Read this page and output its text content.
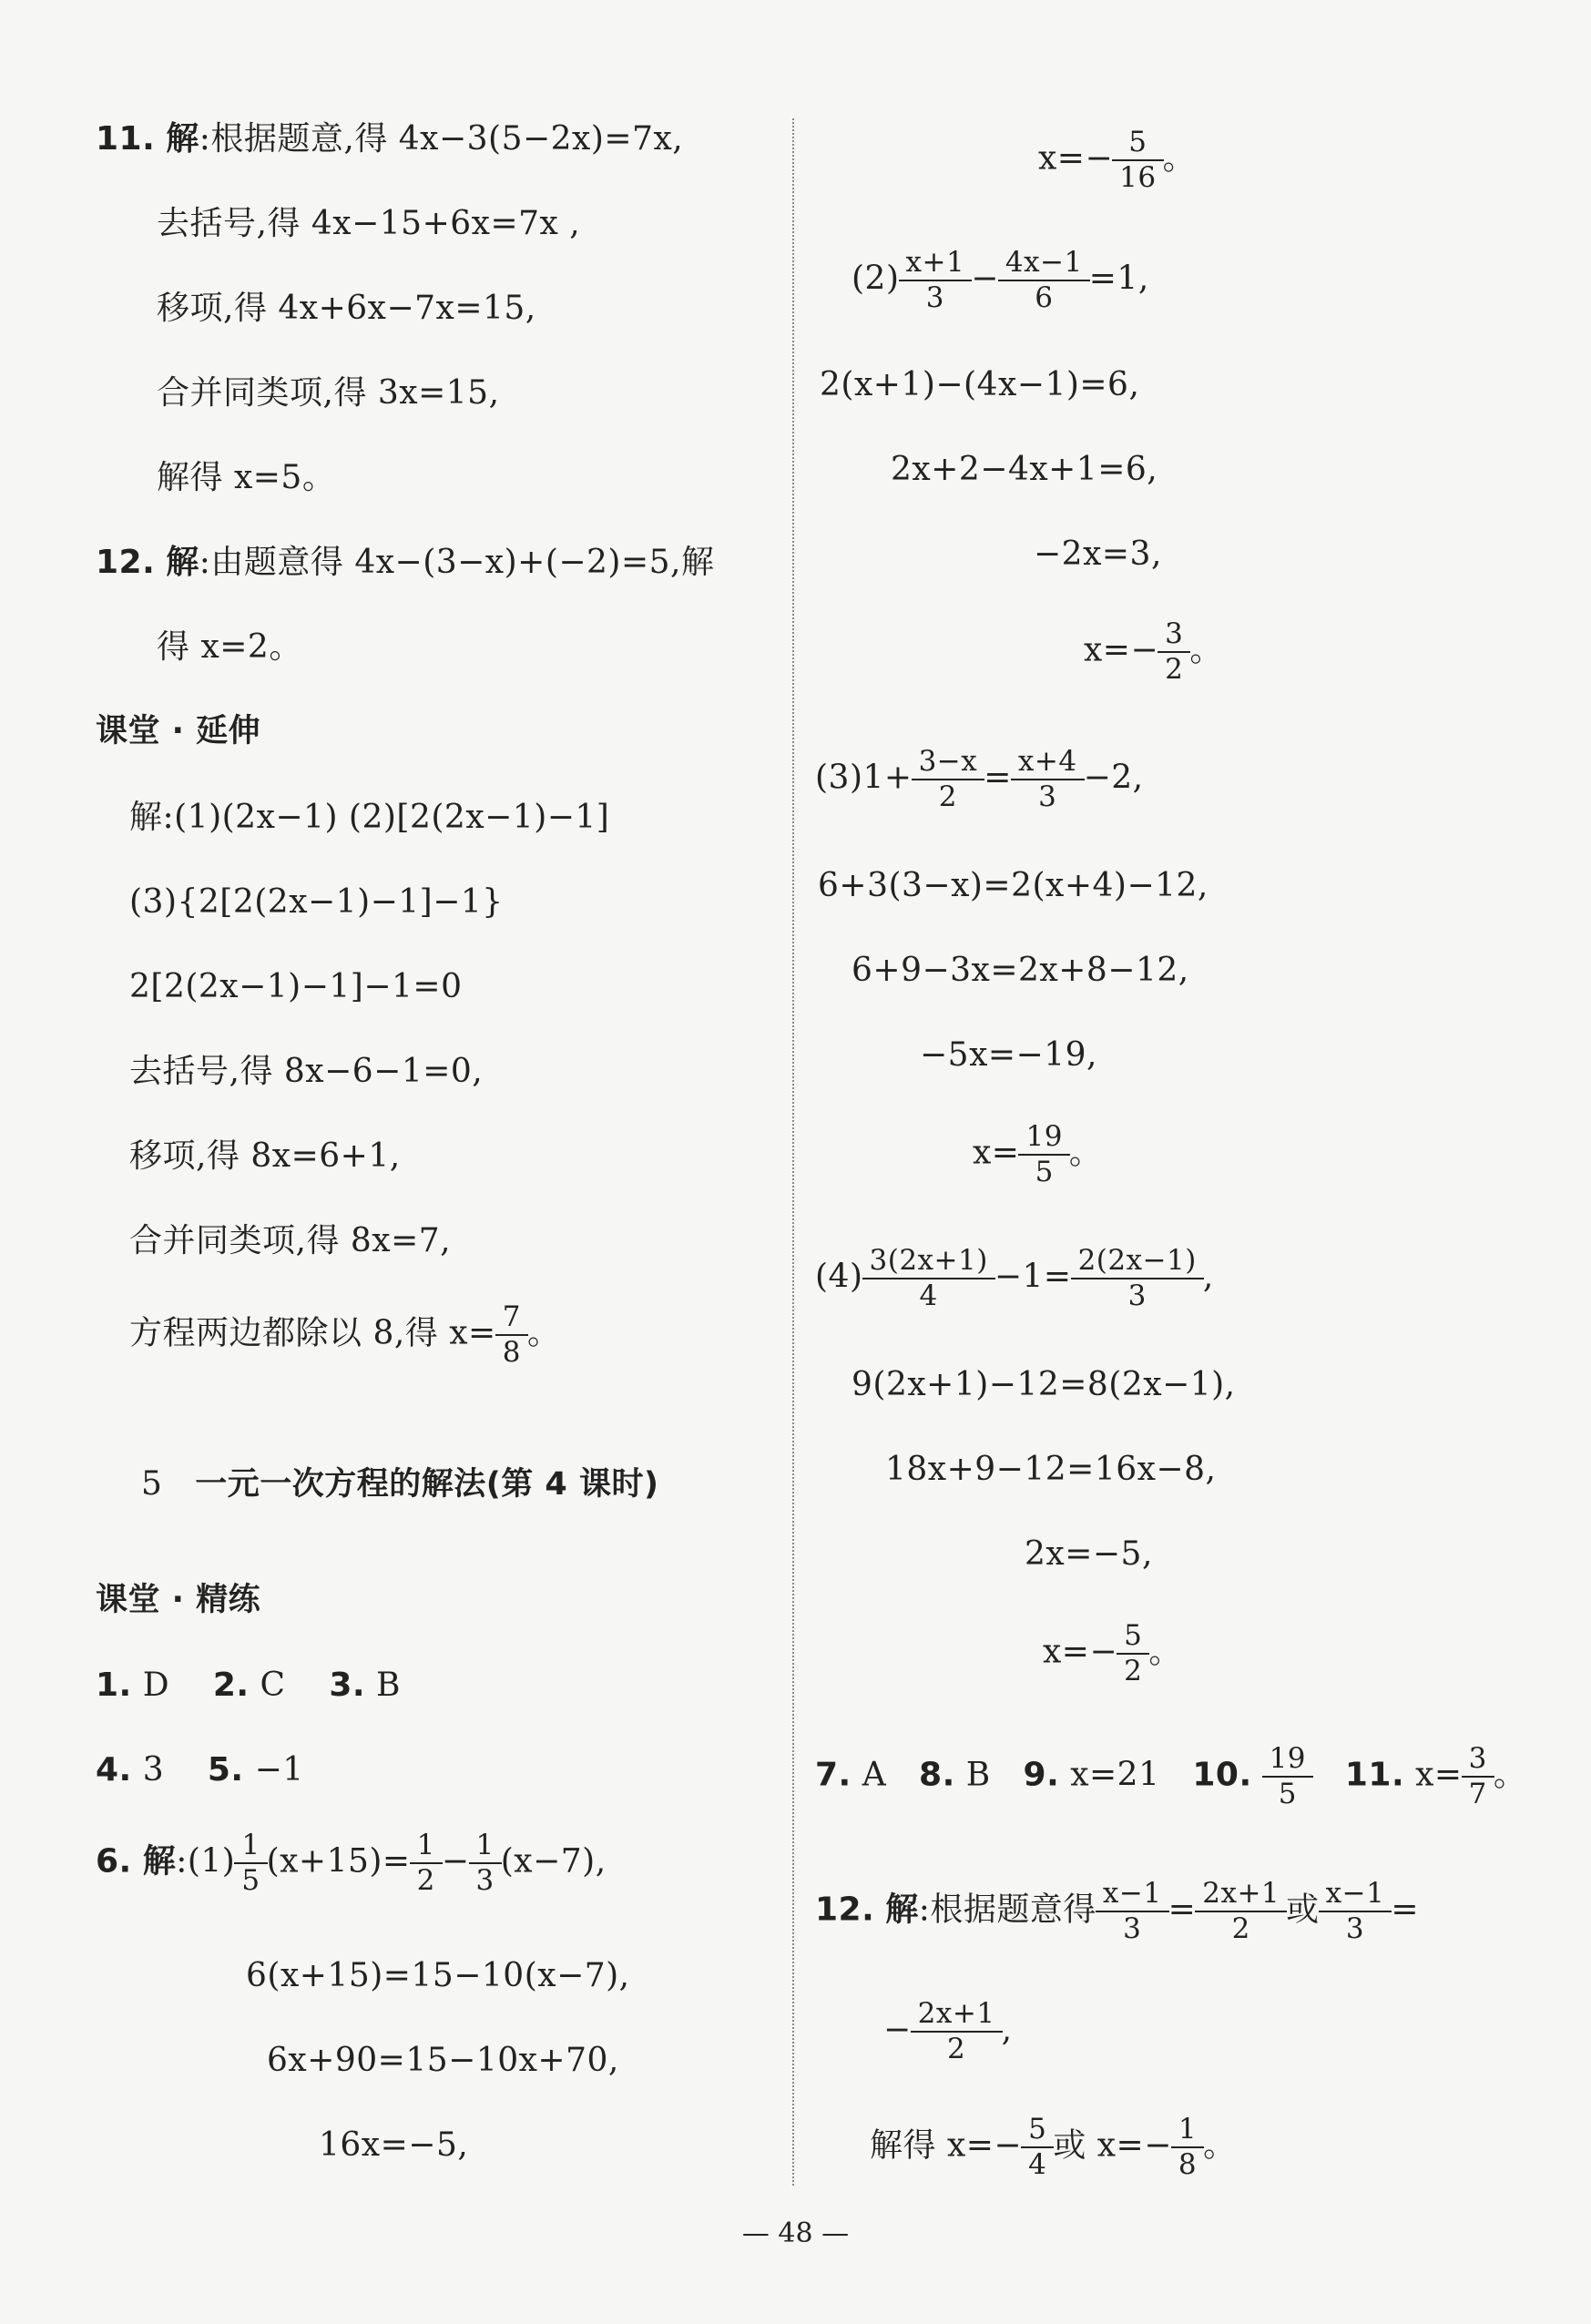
11. 解:根据题意,得 4x−3(5−2x)=7x,
去括号,得 4x−15+6x=7x ,
移项,得 4x+6x−7x=15,
合并同类项,得 3x=15,
解得 x=5。
12. 解:由题意得 4x−(3−x)+(−2)=5,解
得 x=2。
课堂 · 延伸
解:(1)(2x−1) (2)[2(2x−1)−1]
(3){2[2(2x−1)−1]−1}
2[2(2x−1)−1]−1=0
去括号,得 8x−6−1=0,
移项,得 8x=6+1,
合并同类项,得 8x=7,
方程两边都除以 8,得 $x= \frac{7}{8}$ 。
5 一元一次方程的解法(第 4 课时)
课堂 · 精练
1. D 2. C 3. B
4. 3 5. −1
6. 解:(1) $\frac{1}{5} (x+15)= \frac{1}{2} - \frac{1}{3} (x-7)$,
6(x+15)=15−10(x−7),
6x+90=15−10x+70,
16x=−5,
$x=- \frac{5}{16}$ 。
$(2) \frac{x+1}{3} - \frac{4x-1}{6} =1$,
2(x+1)−(4x−1)=6,
2x+2−4x+1=6,
−2x=3,
$x=- \frac{3}{2}$ 。
$(3)1+ \frac{3-x}{2} = \frac{x+4}{3} -2$,
6+3(3−x)=2(x+4)−12,
6+9−3x=2x+8−12,
−5x=−19,
$x= \frac{19}{5}$ 。
$(4) \frac{3(2x+1)}{4} -1= \frac{2(2x-1)}{3}$ ,
9(2x+1)−12=8(2x−1),
18x+9−12=16x−8,
2x=−5,
$x=- \frac{5}{2}$ 。
7. A 8. B 9. x=21 10. $\frac{19}{5} 11$. $x= \frac{3}{7}$ 。
12. 解:根据题意得 $\frac{x-1}{3} = \frac{2x+1}{2}$ 或 $\frac{x-1}{3}$ =
− $\frac{2x+1}{2}$ ,
解得 $x=- \frac{5}{4}$ 或 $x=- \frac{1}{8}$ 。
— 48 —
